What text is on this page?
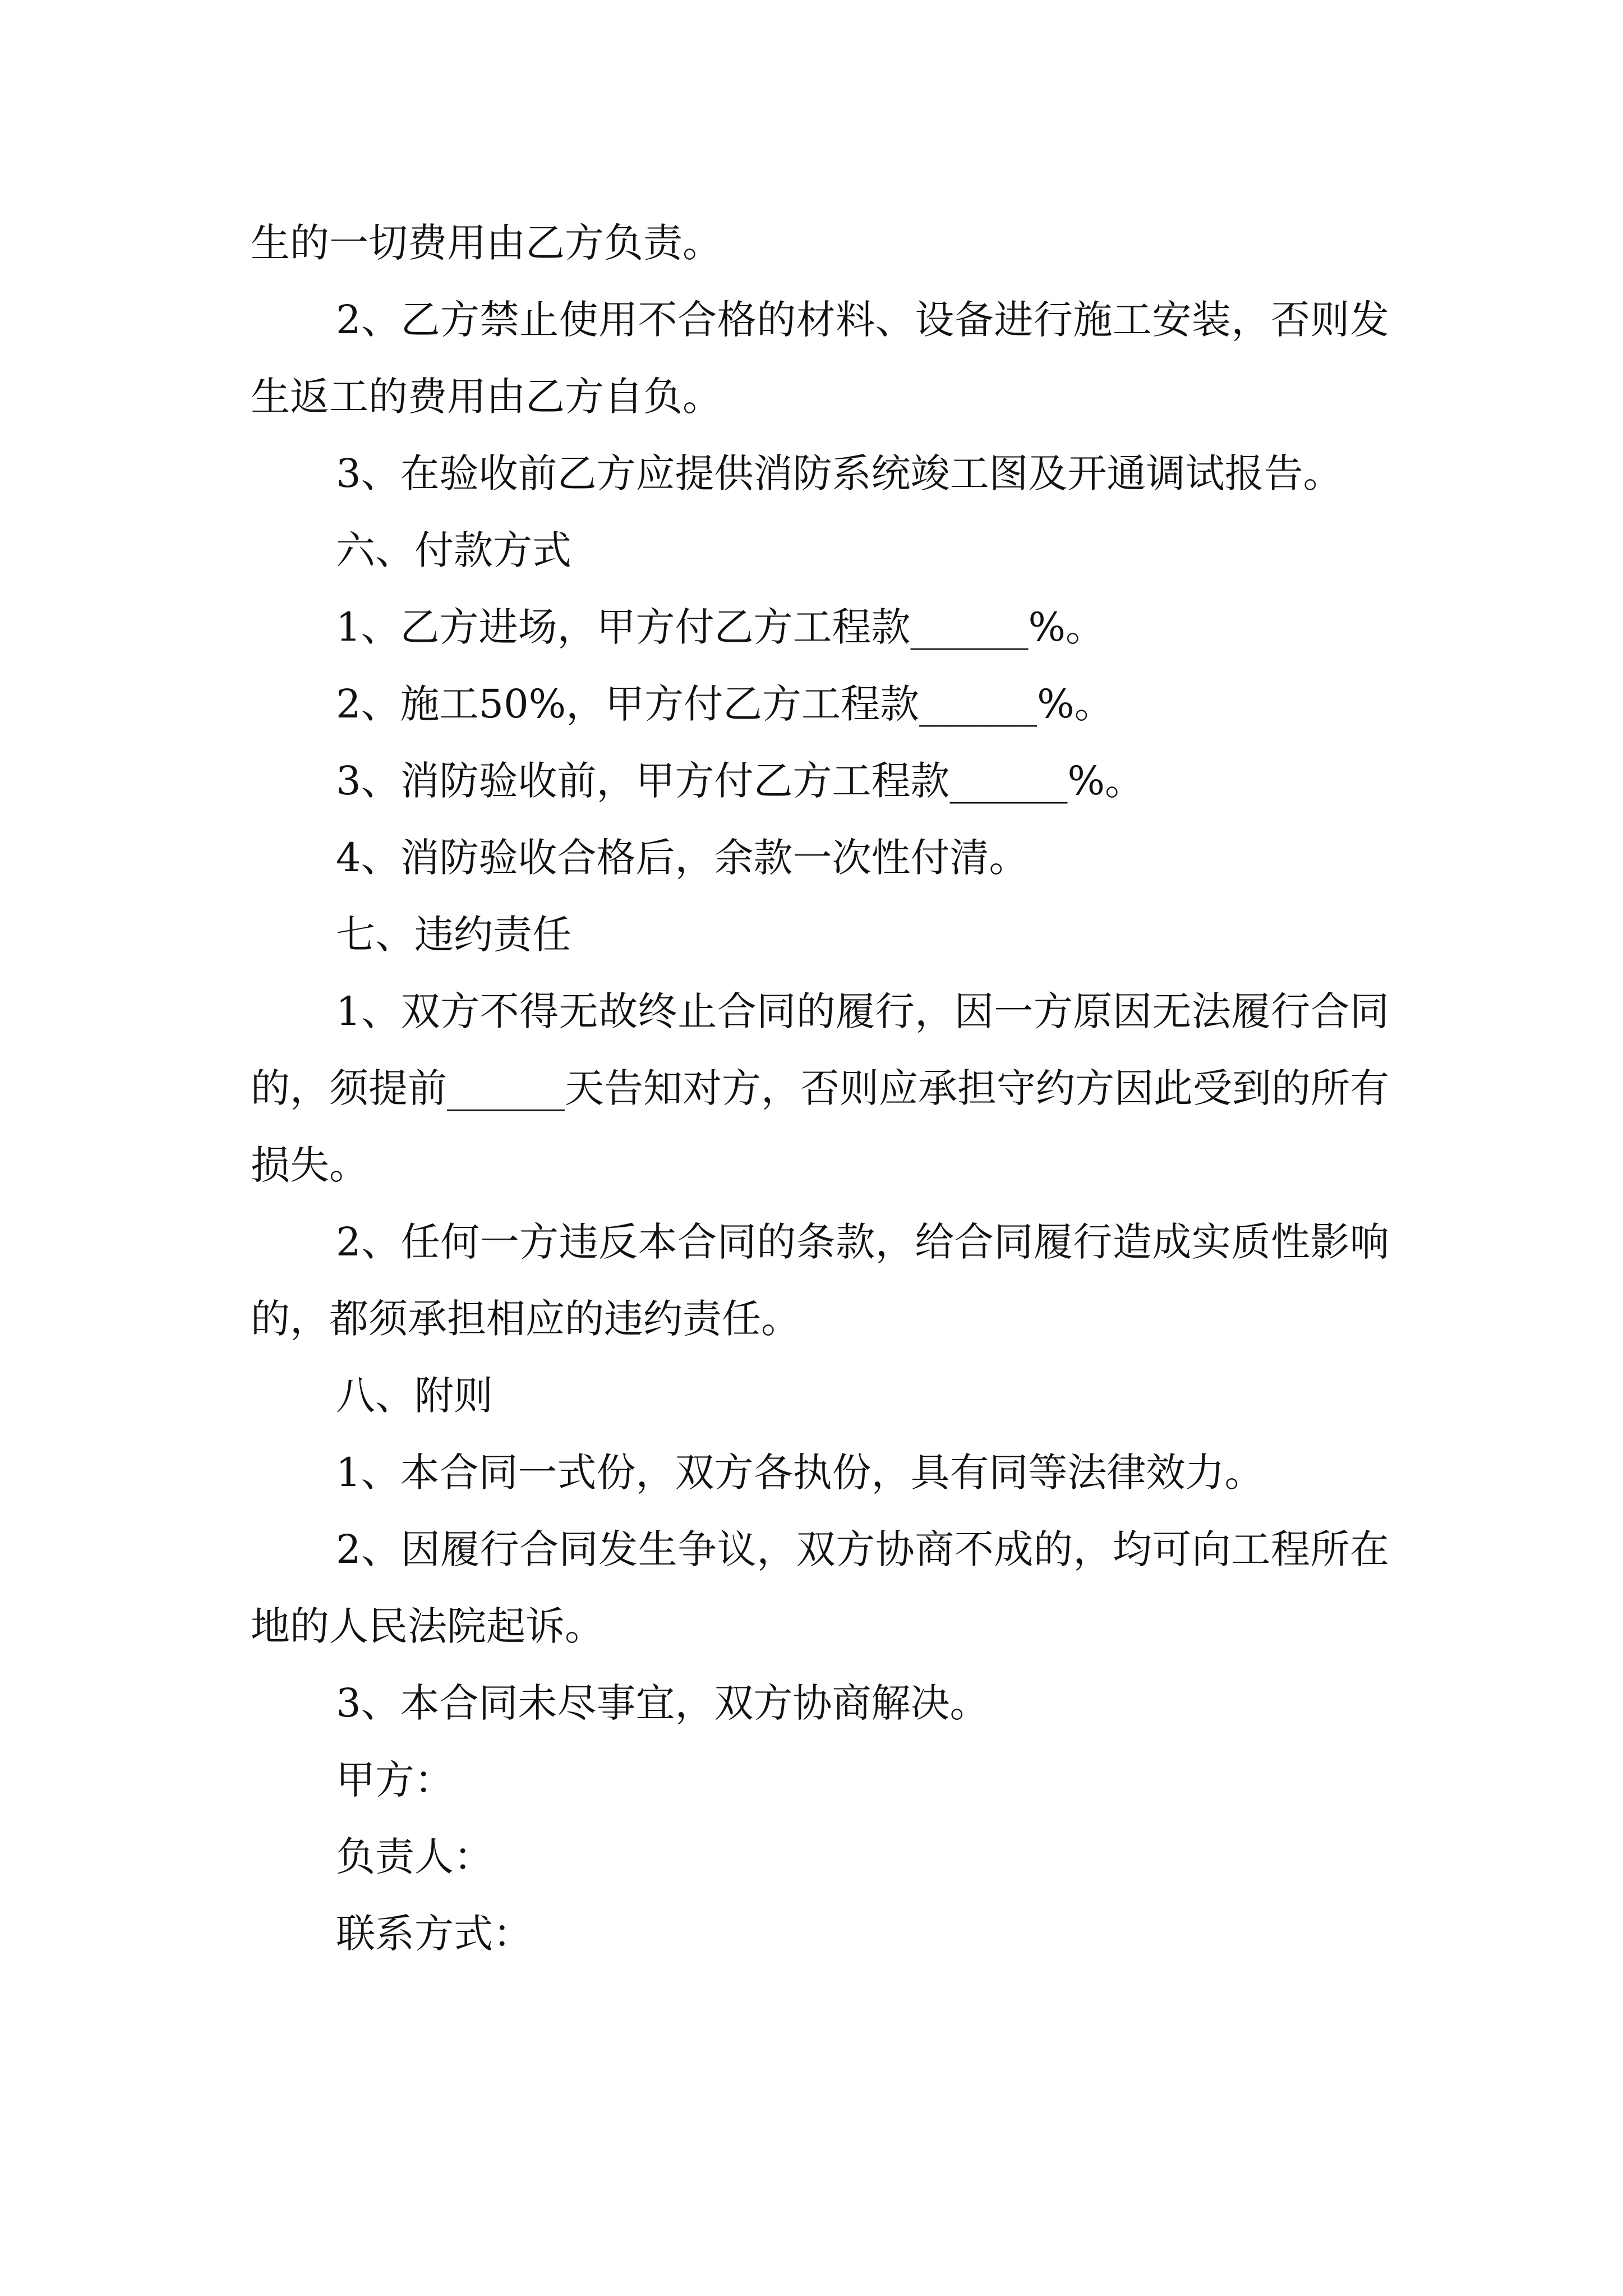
生的一切费用由乙方负责。

2、乙方禁止使用不合格的材料、设备进行施工安装，否则发生返工的费用由乙方自负。

3、在验收前乙方应提供消防系统竣工图及开通调试报告。

六、付款方式

1、乙方进场，甲方付乙方工程款______%。

2、施工50%，甲方付乙方工程款______%。

3、消防验收前，甲方付乙方工程款______%。

4、消防验收合格后，余款一次性付清。

七、违约责任

1、双方不得无故终止合同的履行，因一方原因无法履行合同的，须提前______天告知对方，否则应承担守约方因此受到的所有损失。

2、任何一方违反本合同的条款，给合同履行造成实质性影响的，都须承担相应的违约责任。

八、附则

1、本合同一式份，双方各执份，具有同等法律效力。

2、因履行合同发生争议，双方协商不成的，均可向工程所在地的人民法院起诉。

3、本合同未尽事宜，双方协商解决。

甲方：

负责人：

联系方式：
